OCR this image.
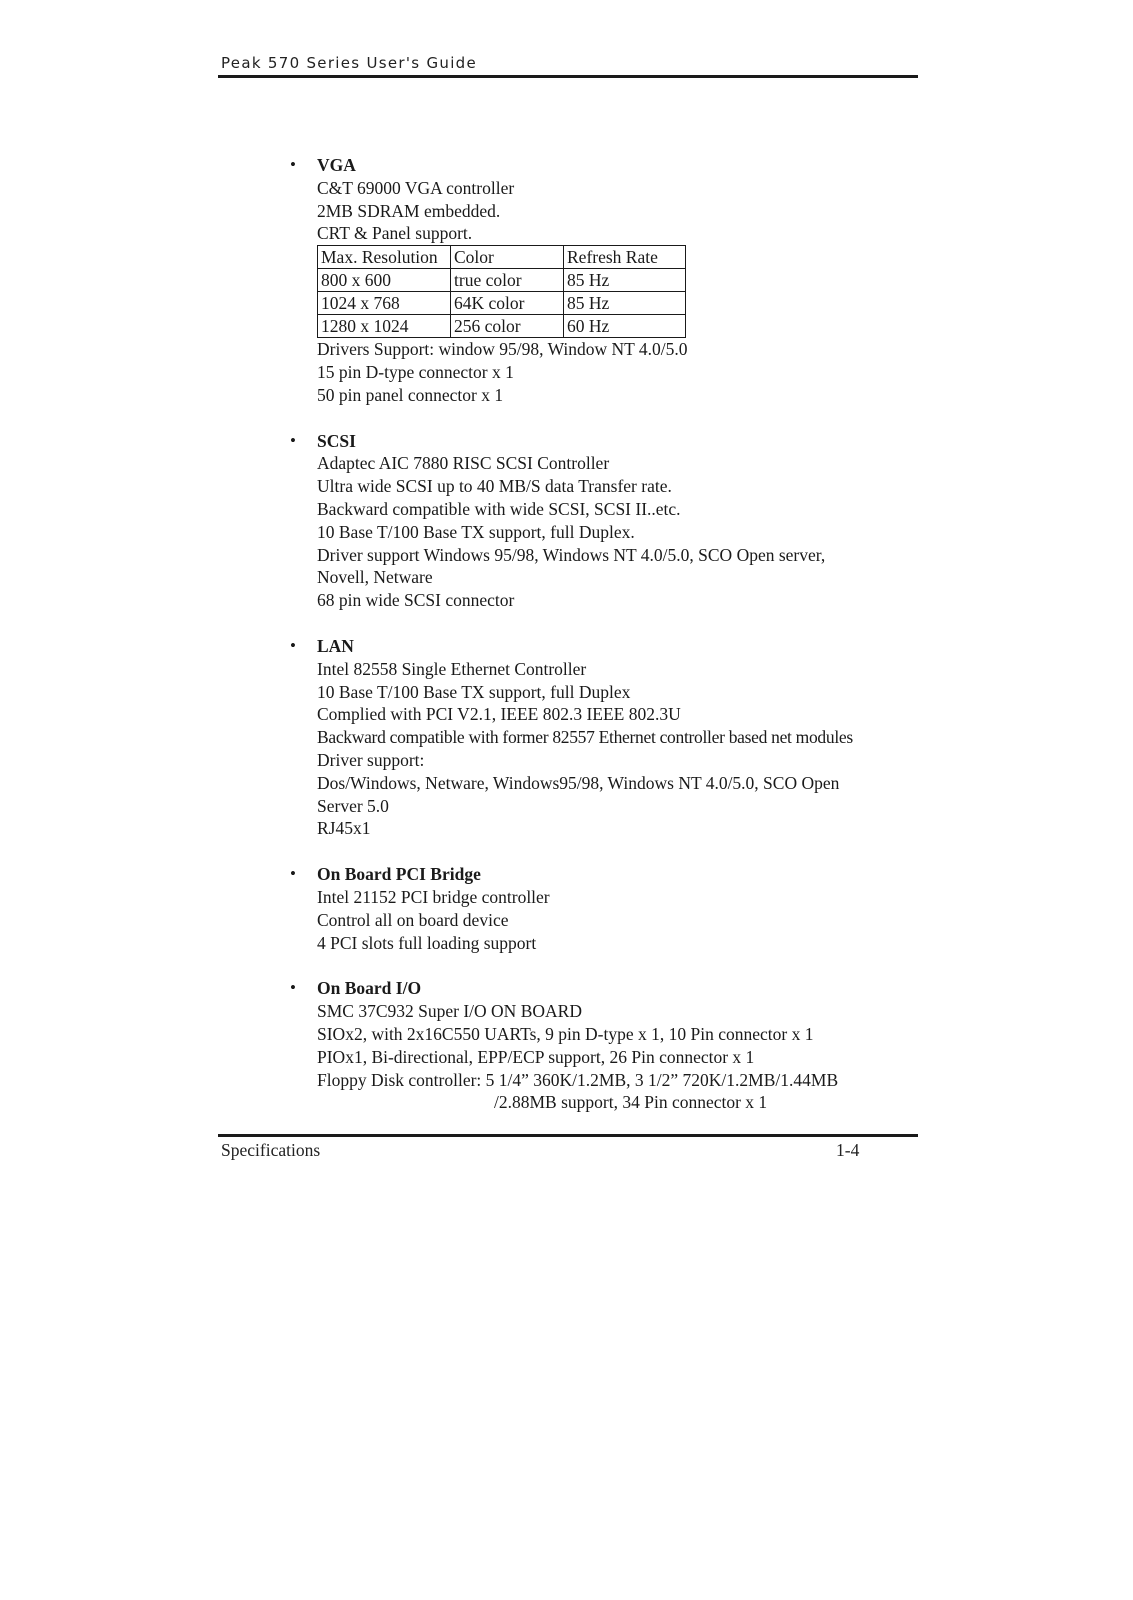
Peak 570 Series User's Guide
• VGA
C&T 69000 VGA controller
2MB SDRAM embedded.
CRT & Panel support.
Max. Resolution	Color	Refresh Rate
800 x 600	true color	85 Hz
1024 x 768	64K color	85 Hz
1280 x 1024	256 color	60 Hz
Drivers Support: window 95/98, Window NT 4.0/5.0
15 pin D-type connector x 1
50 pin panel connector x 1
• SCSI
Adaptec AIC 7880 RISC SCSI Controller
Ultra wide SCSI up to 40 MB/S data Transfer rate.
Backward compatible with wide SCSI, SCSI II..etc.
10 Base T/100 Base TX support, full Duplex.
Driver support Windows 95/98, Windows NT 4.0/5.0, SCO Open server,
Novell, Netware
68 pin wide SCSI connector
• LAN
Intel 82558 Single Ethernet Controller
10 Base T/100 Base TX support, full Duplex
Complied with PCI V2.1, IEEE 802.3 IEEE 802.3U
Backward compatible with former 82557 Ethernet controller based net modules
Driver support:
Dos/Windows, Netware, Windows95/98, Windows NT 4.0/5.0, SCO Open
Server 5.0
RJ45x1
• On Board PCI Bridge
Intel 21152 PCI bridge controller
Control all on board device
4 PCI slots full loading support
• On Board I/O
SMC 37C932 Super I/O ON BOARD
SIOx2, with 2x16C550 UARTs, 9 pin D-type x 1, 10 Pin connector x 1
PIOx1, Bi-directional, EPP/ECP support, 26 Pin connector x 1
Floppy Disk controller: 5 1/4” 360K/1.2MB, 3 1/2” 720K/1.2MB/1.44MB
/2.88MB support, 34 Pin connector x 1
Specifications	1-4
